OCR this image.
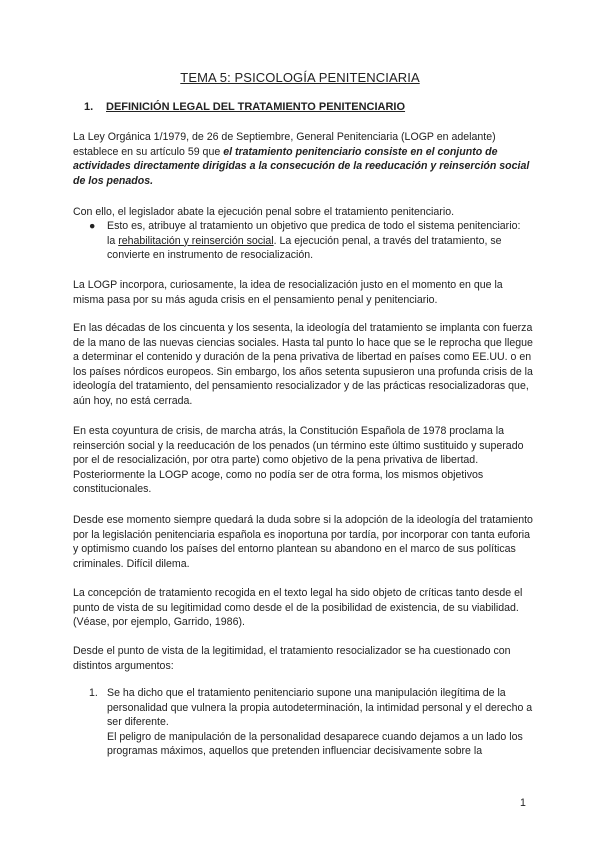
TEMA 5: PSICOLOGÍA PENITENCIARIA
1. DEFINICIÓN LEGAL DEL TRATAMIENTO PENITENCIARIO

La Ley Orgánica 1/1979, de 26 de Septiembre, General Penitenciaria (LOGP en adelante) establece en su artículo 59 que el tratamiento penitenciario consiste en el conjunto de actividades directamente dirigidas a la consecución de la reeducación y reinserción social de los penados.

Con ello, el legislador abate la ejecución penal sobre el tratamiento penitenciario.

● Esto es, atribuye al tratamiento un objetivo que predica de todo el sistema penitenciario: la rehabilitación y reinserción social. La ejecución penal, a través del tratamiento, se convierte en instrumento de resocialización.

La LOGP incorpora, curiosamente, la idea de resocialización justo en el momento en que la misma pasa por su más aguda crisis en el pensamiento penal y penitenciario.

En las décadas de los cincuenta y los sesenta, la ideología del tratamiento se implanta con fuerza de la mano de las nuevas ciencias sociales. Hasta tal punto lo hace que se le reprocha que llegue a determinar el contenido y duración de la pena privativa de libertad en países como EE.UU. o en los países nórdicos europeos. Sin embargo, los años setenta supusieron una profunda crisis de la ideología del tratamiento, del pensamiento resocializador y de las prácticas resocializadoras que, aún hoy, no está cerrada.

En esta coyuntura de crisis, de marcha atrás, la Constitución Española de 1978 proclama la reinserción social y la reeducación de los penados (un término este último sustituido y superado por el de resocialización, por otra parte) como objetivo de la pena privativa de libertad. Posteriormente la LOGP acoge, como no podía ser de otra forma, los mismos objetivos constitucionales.

Desde ese momento siempre quedará la duda sobre si la adopción de la ideología del tratamiento por la legislación penitenciaria española es inoportuna por tardía, por incorporar con tanta euforia y optimismo cuando los países del entorno plantean su abandono en el marco de sus políticas criminales. Difícil dilema.

La concepción de tratamiento recogida en el texto legal ha sido objeto de críticas tanto desde el punto de vista de su legitimidad como desde el de la posibilidad de existencia, de su viabilidad. (Véase, por ejemplo, Garrido, 1986).

Desde el punto de vista de la legitimidad, el tratamiento resocializador se ha cuestionado con distintos argumentos:

1. Se ha dicho que el tratamiento penitenciario supone una manipulación ilegítima de la personalidad que vulnera la propia autodeterminación, la intimidad personal y el derecho a ser diferente.
El peligro de manipulación de la personalidad desaparece cuando dejamos a un lado los programas máximos, aquellos que pretenden influenciar decisivamente sobre la
1
